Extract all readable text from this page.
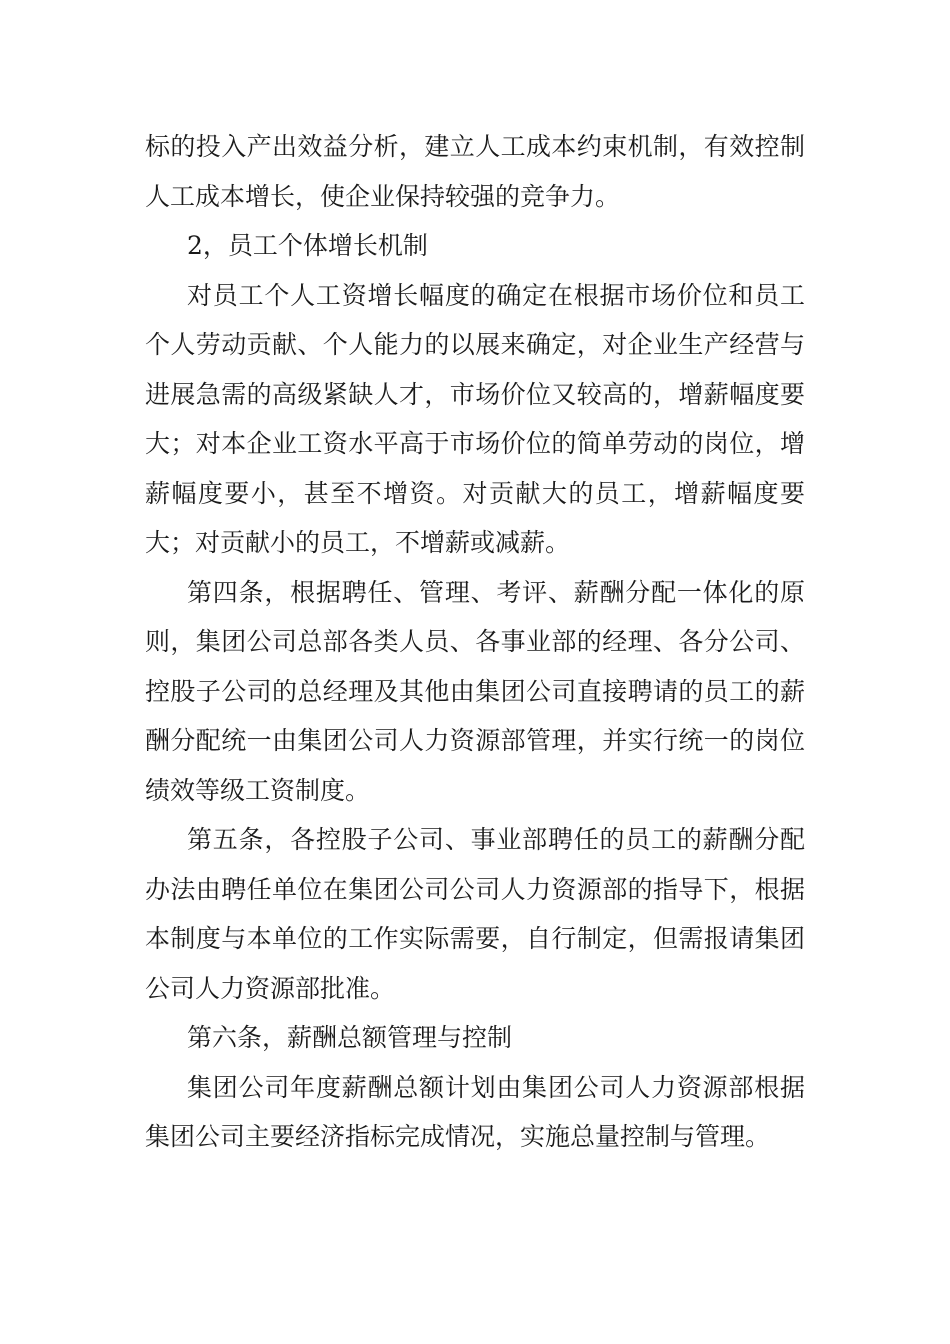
标的投入产出效益分析，建立人工成本约束机制，有效控制人工成本增长，使企业保持较强的竞争力。

2，员工个体增长机制

对员工个人工资增长幅度的确定在根据市场价位和员工个人劳动贡献、个人能力的以展来确定，对企业生产经营与进展急需的高级紧缺人才，市场价位又较高的，增薪幅度要大；对本企业工资水平高于市场价位的简单劳动的岗位，增薪幅度要小，甚至不增资。对贡献大的员工，增薪幅度要大；对贡献小的员工，不增薪或减薪。

第四条，根据聘任、管理、考评、薪酬分配一体化的原则，集团公司总部各类人员、各事业部的经理、各分公司、控股子公司的总经理及其他由集团公司直接聘请的员工的薪酬分配统一由集团公司人力资源部管理，并实行统一的岗位绩效等级工资制度。

第五条，各控股子公司、事业部聘任的员工的薪酬分配办法由聘任单位在集团公司公司人力资源部的指导下，根据本制度与本单位的工作实际需要，自行制定，但需报请集团公司人力资源部批准。

第六条，薪酬总额管理与控制

集团公司年度薪酬总额计划由集团公司人力资源部根据集团公司主要经济指标完成情况，实施总量控制与管理。
